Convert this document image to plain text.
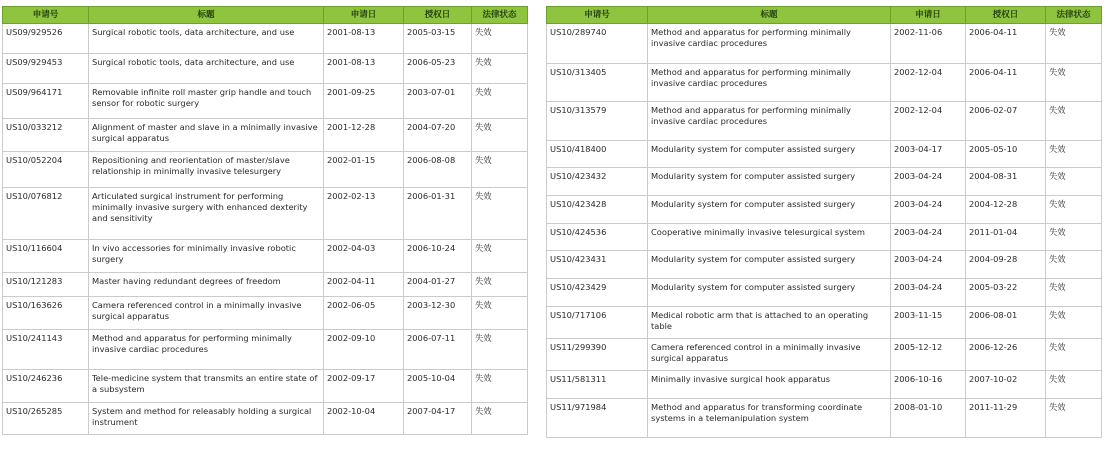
申请号	标题	申请日	授权日	法律状态
US09/929526	Surgical robotic tools, data architecture, and use	2001-08-13	2005-03-15	失效
US09/929453	Surgical robotic tools, data architecture, and use	2001-08-13	2006-05-23	失效
US09/964171	Removable infinite roll master grip handle and touch sensor for robotic surgery	2001-09-25	2003-07-01	失效
US10/033212	Alignment of master and slave in a minimally invasive surgical apparatus	2001-12-28	2004-07-20	失效
US10/052204	Repositioning and reorientation of master/slave relationship in minimally invasive telesurgery	2002-01-15	2006-08-08	失效
US10/076812	Articulated surgical instrument for performing minimally invasive surgery with enhanced dexterity and sensitivity	2002-02-13	2006-01-31	失效
US10/116604	In vivo accessories for minimally invasive robotic surgery	2002-04-03	2006-10-24	失效
US10/121283	Master having redundant degrees of freedom	2002-04-11	2004-01-27	失效
US10/163626	Camera referenced control in a minimally invasive surgical apparatus	2002-06-05	2003-12-30	失效
US10/241143	Method and apparatus for performing minimally invasive cardiac procedures	2002-09-10	2006-07-11	失效
US10/246236	Tele-medicine system that transmits an entire state of a subsystem	2002-09-17	2005-10-04	失效
US10/265285	System and method for releasably holding a surgical instrument	2002-10-04	2007-04-17	失效
申请号	标题	申请日	授权日	法律状态
US10/289740	Method and apparatus for performing minimally invasive cardiac procedures	2002-11-06	2006-04-11	失效
US10/313405	Method and apparatus for performing minimally invasive cardiac procedures	2002-12-04	2006-04-11	失效
US10/313579	Method and apparatus for performing minimally invasive cardiac procedures	2002-12-04	2006-02-07	失效
US10/418400	Modularity system for computer assisted surgery	2003-04-17	2005-05-10	失效
US10/423432	Modularity system for computer assisted surgery	2003-04-24	2004-08-31	失效
US10/423428	Modularity system for computer assisted surgery	2003-04-24	2004-12-28	失效
US10/424536	Cooperative minimally invasive telesurgical system	2003-04-24	2011-01-04	失效
US10/423431	Modularity system for computer assisted surgery	2003-04-24	2004-09-28	失效
US10/423429	Modularity system for computer assisted surgery	2003-04-24	2005-03-22	失效
US10/717106	Medical robotic arm that is attached to an operating table	2003-11-15	2006-08-01	失效
US11/299390	Camera referenced control in a minimally invasive surgical apparatus	2005-12-12	2006-12-26	失效
US11/581311	Minimally invasive surgical hook apparatus	2006-10-16	2007-10-02	失效
US11/971984	Method and apparatus for transforming coordinate systems in a telemanipulation system	2008-01-10	2011-11-29	失效
